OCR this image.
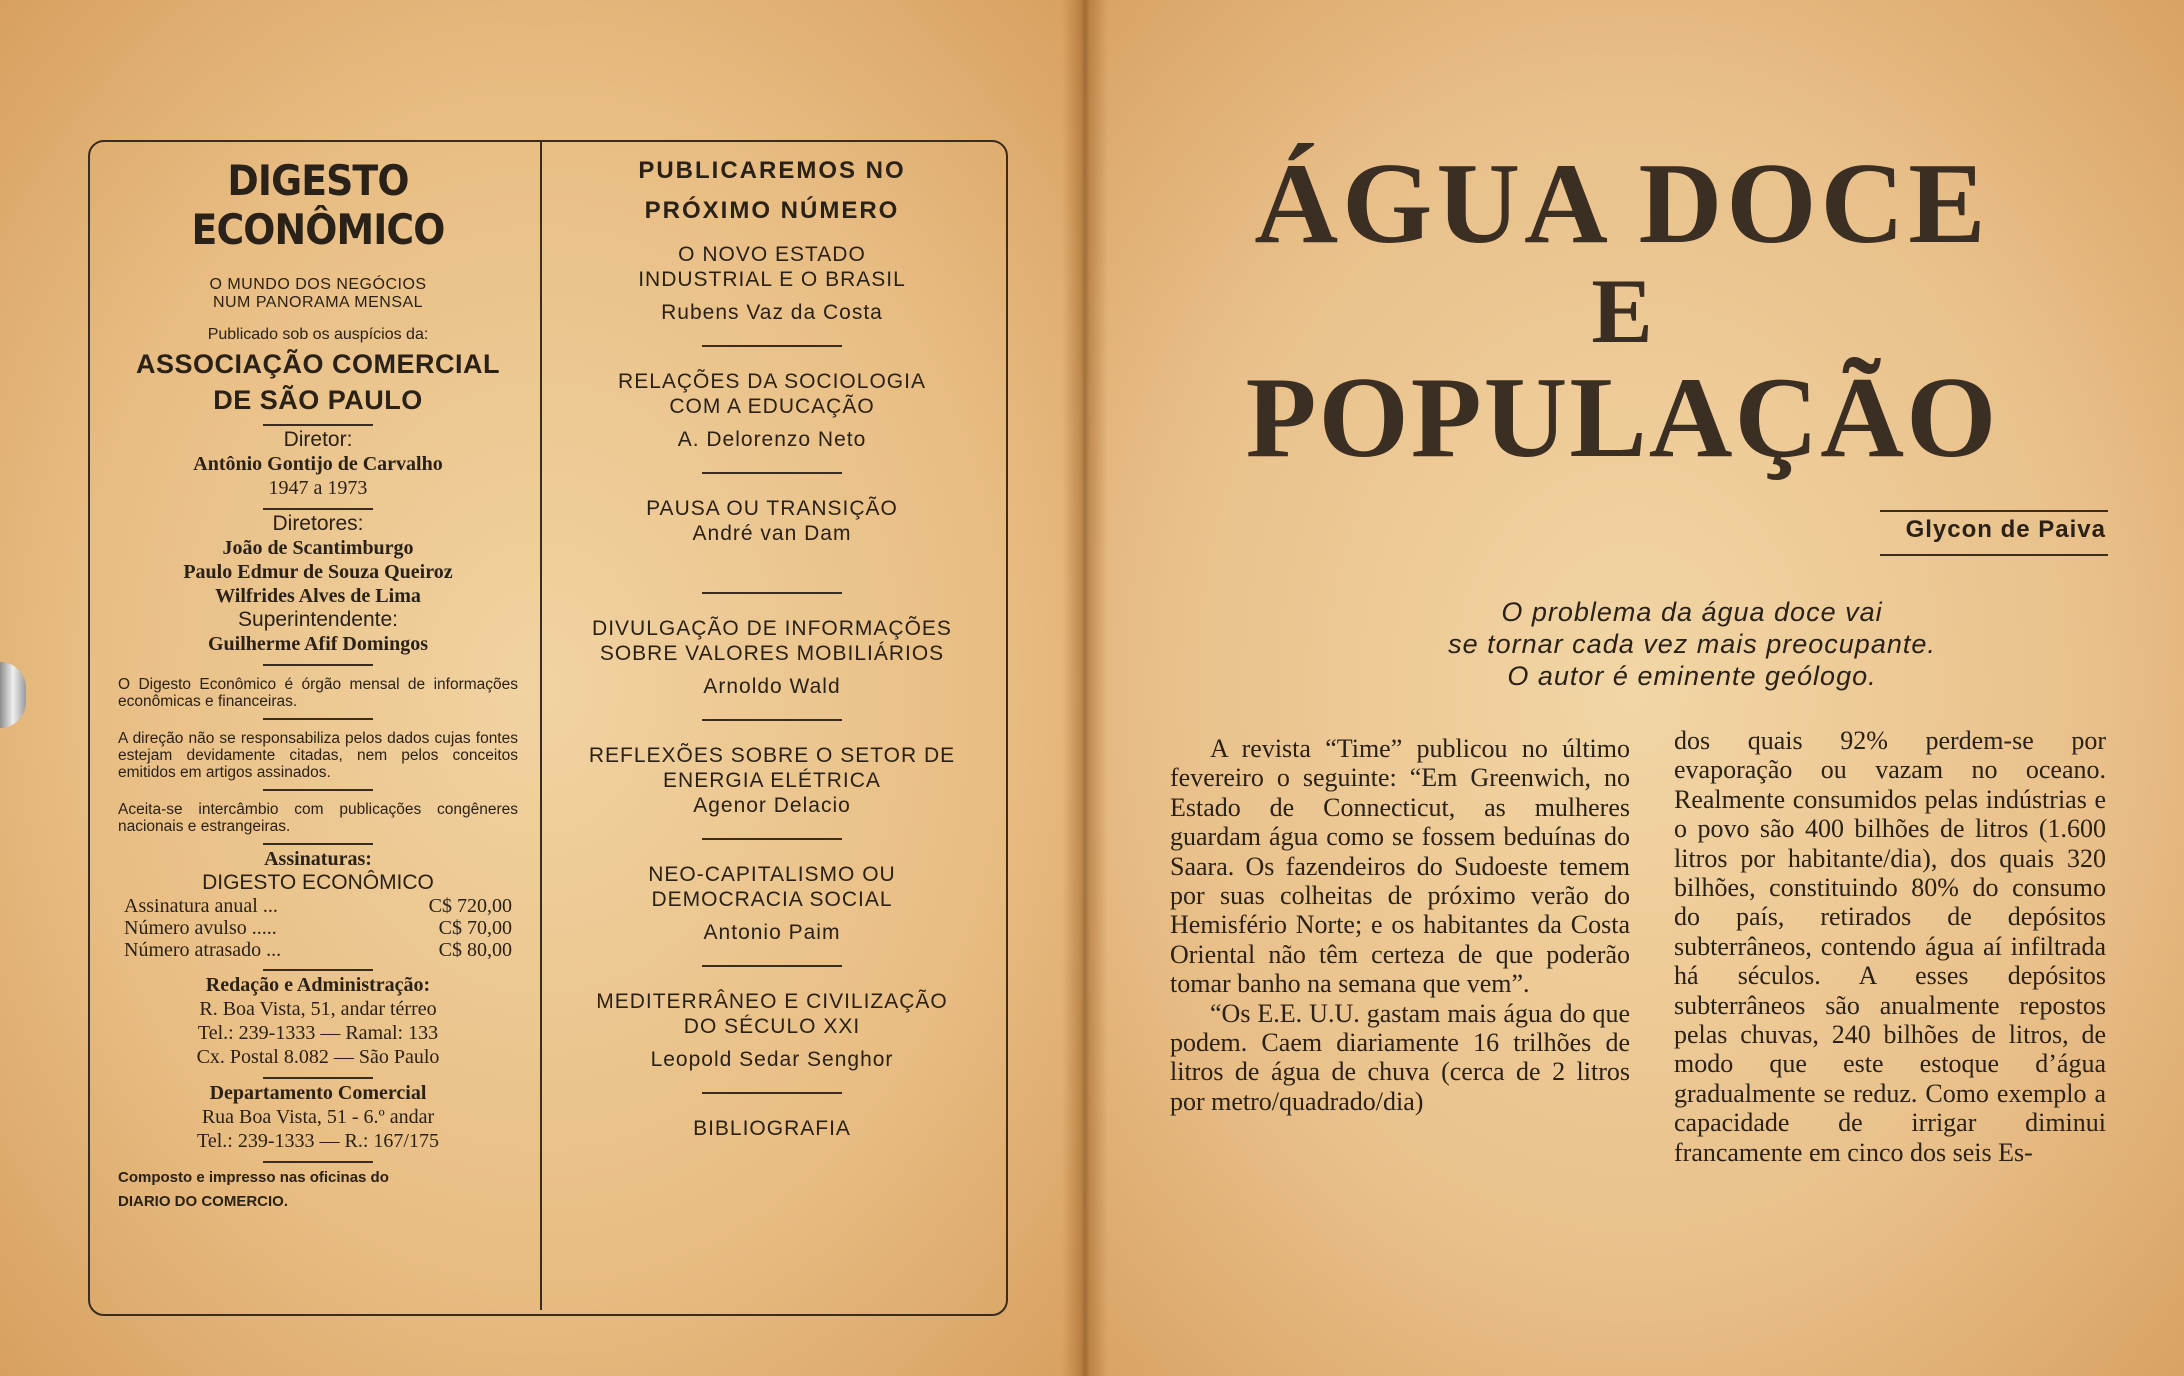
DIGESTO ECONÔMICO
O MUNDO DOS NEGÓCIOS
NUM PANORAMA MENSAL
Publicado sob os auspícios da:
ASSOCIAÇÃO COMERCIAL
DE SÃO PAULO
Diretor:
Antônio Gontijo de Carvalho
1947 a 1973
Diretores:
João de Scantimburgo
Paulo Edmur de Souza Queiroz
Wilfrides Alves de Lima
Superintendente:
Guilherme Afif Domingos
O Digesto Econômico é órgão mensal de informações econômicas e financeiras.
A direção não se responsabiliza pelos dados cujas fontes estejam devidamente citadas, nem pelos conceitos emitidos em artigos assinados.
Aceita-se intercâmbio com publicações congêneres nacionais e estrangeiras.
Assinaturas:
DIGESTO ECONÔMICO
Assinatura anual ...	C$ 720,00
Número avulso .....	C$ 70,00
Número atrasado ...	C$ 80,00
Redação e Administração:
R. Boa Vista, 51, andar térreo
Tel.: 239-1333 — Ramal: 133
Cx. Postal 8.082 — São Paulo
Departamento Comercial
Rua Boa Vista, 51 - 6.º andar
Tel.: 239-1333 — R.: 167/175
Composto e impresso nas oficinas do
DIARIO DO COMERCIO.
PUBLICAREMOS NO
PRÓXIMO NÚMERO
O NOVO ESTADO
INDUSTRIAL E O BRASIL
Rubens Vaz da Costa
RELAÇÕES DA SOCIOLOGIA
COM A EDUCAÇÃO
A. Delorenzo Neto
PAUSA OU TRANSIÇÃO
André van Dam
DIVULGAÇÃO DE INFORMAÇÕES
SOBRE VALORES MOBILIÁRIOS
Arnoldo Wald
REFLEXÕES SOBRE O SETOR DE
ENERGIA ELÉTRICA
Agenor Delacio
NEO-CAPITALISMO OU
DEMOCRACIA SOCIAL
Antonio Paim
MEDITERRÂNEO E CIVILIZAÇÃO
DO SÉCULO XXI
Leopold Sedar Senghor
BIBLIOGRAFIA
ÁGUA DOCE
E
POPULAÇÃO
Glycon de Paiva
O problema da água doce vai
se tornar cada vez mais preocupante.
O autor é eminente geólogo.

A revista “Time” publicou no último fevereiro o seguinte: “Em Greenwich, no Estado de Connecticut, as mulheres guardam água como se fossem beduínas do Saara. Os fazendeiros do Sudoeste temem por suas colheitas de próximo verão do Hemisfério Norte; e os habitantes da Costa Oriental não têm certeza de que poderão tomar banho na semana que vem”.

“Os E.E. U.U. gastam mais água do que podem. Caem diariamente 16 trilhões de litros de água de chuva (cerca de 2 litros por metro/quadrado/dia)

dos quais 92% perdem-se por evaporação ou vazam no oceano. Realmente consumidos pelas indústrias e o povo são 400 bilhões de litros (1.600 litros por habitante/dia), dos quais 320 bilhões, constituindo 80% do consumo do país, retirados de depósitos subterrâneos, contendo água aí infiltrada há séculos. A esses depósitos subterrâneos são anualmente repostos pelas chuvas, 240 bilhões de litros, de modo que este estoque d’água gradualmente se reduz. Como exemplo a capacidade de irrigar diminui francamente em cinco dos seis Es-
